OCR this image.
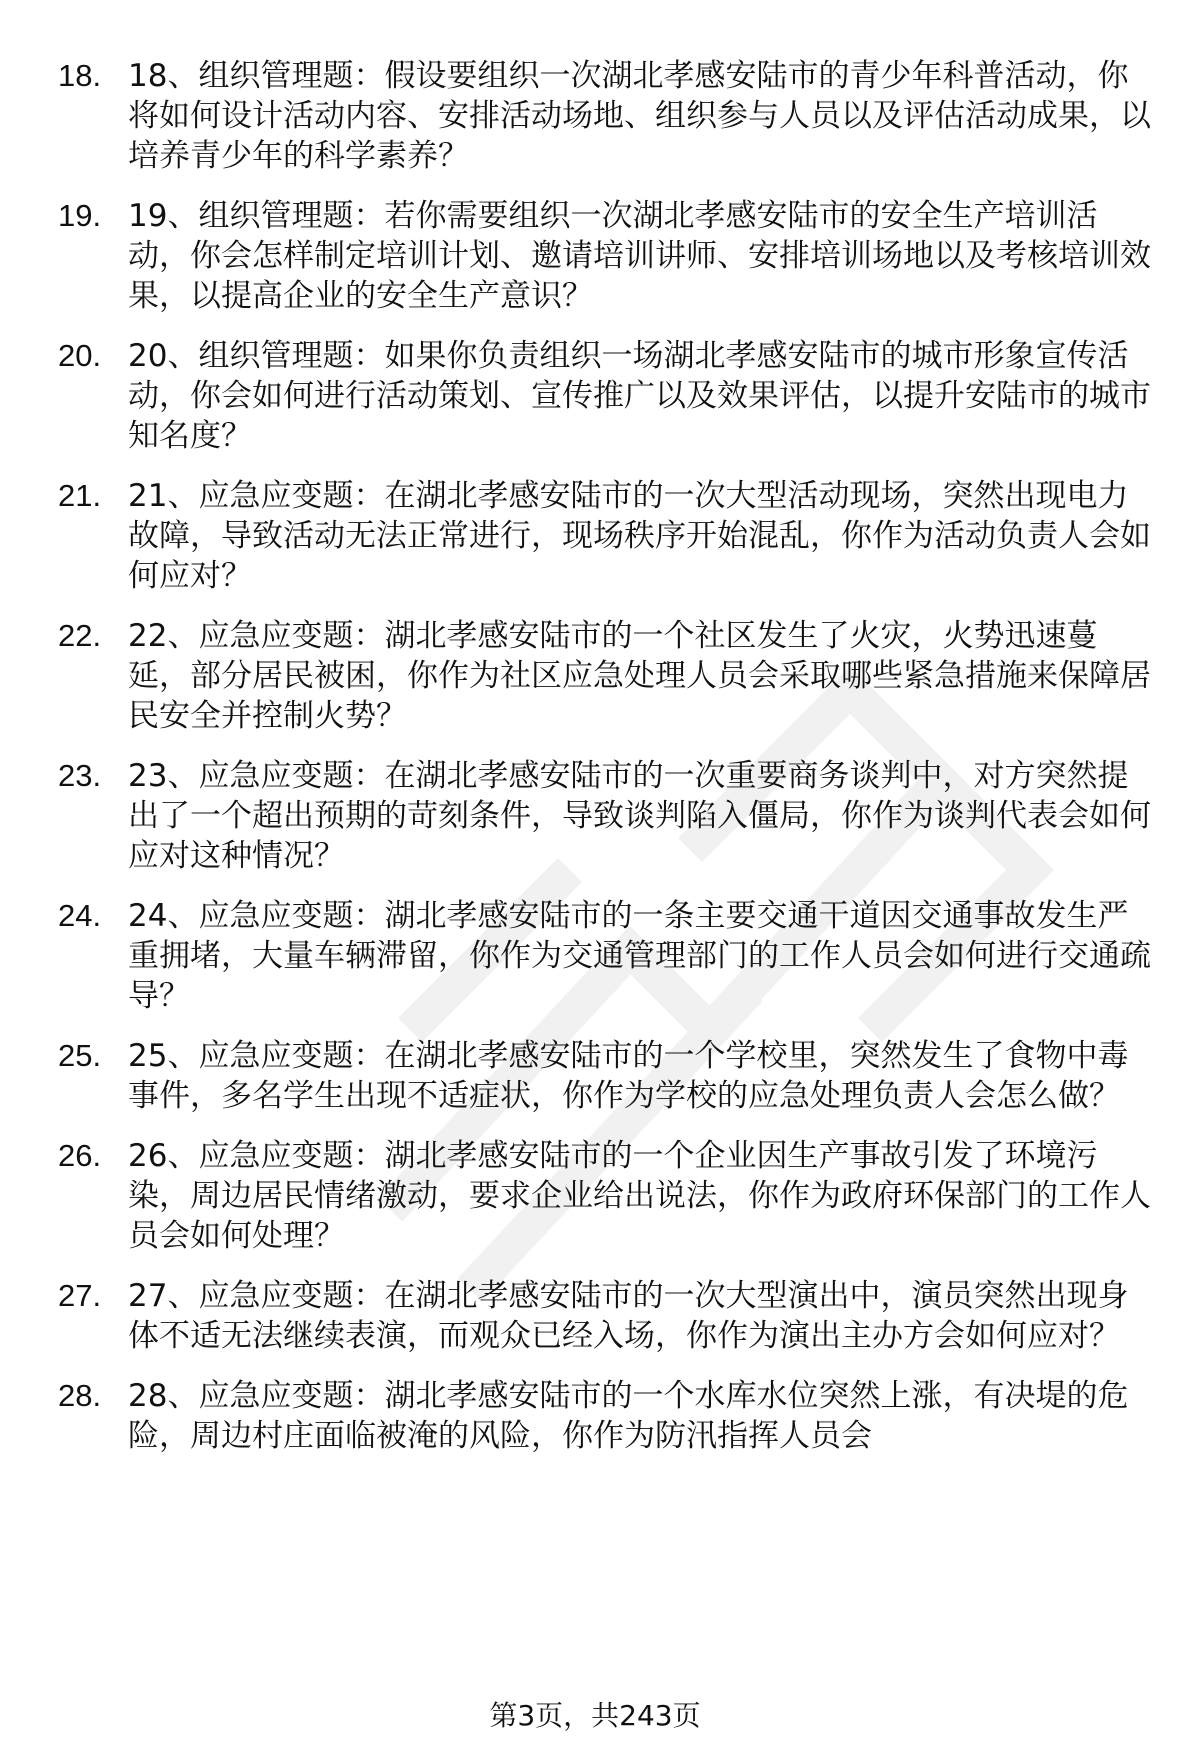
18. 18、组织管理题：假设要组织一次湖北孝感安陆市的青少年科普活动，你将如何设计活动内容、安排活动场地、组织参与人员以及评估活动成果，以培养青少年的科学素养？
19. 19、组织管理题：若你需要组织一次湖北孝感安陆市的安全生产培训活动，你会怎样制定培训计划、邀请培训讲师、安排培训场地以及考核培训效果，以提高企业的安全生产意识？
20. 20、组织管理题：如果你负责组织一场湖北孝感安陆市的城市形象宣传活动，你会如何进行活动策划、宣传推广以及效果评估，以提升安陆市的城市知名度？
21. 21、应急应变题：在湖北孝感安陆市的一次大型活动现场，突然出现电力故障，导致活动无法正常进行，现场秩序开始混乱，你作为活动负责人会如何应对？
22. 22、应急应变题：湖北孝感安陆市的一个社区发生了火灾，火势迅速蔓延，部分居民被困，你作为社区应急处理人员会采取哪些紧急措施来保障居民安全并控制火势？
23. 23、应急应变题：在湖北孝感安陆市的一次重要商务谈判中，对方突然提出了一个超出预期的苛刻条件，导致谈判陷入僵局，你作为谈判代表会如何应对这种情况？
24. 24、应急应变题：湖北孝感安陆市的一条主要交通干道因交通事故发生严重拥堵，大量车辆滞留，你作为交通管理部门的工作人员会如何进行交通疏导？
25. 25、应急应变题：在湖北孝感安陆市的一个学校里，突然发生了食物中毒事件，多名学生出现不适症状，你作为学校的应急处理负责人会怎么做？
26. 26、应急应变题：湖北孝感安陆市的一个企业因生产事故引发了环境污染，周边居民情绪激动，要求企业给出说法，你作为政府环保部门的工作人员会如何处理？
27. 27、应急应变题：在湖北孝感安陆市的一次大型演出中，演员突然出现身体不适无法继续表演，而观众已经入场，你作为演出主办方会如何应对？
28. 28、应急应变题：湖北孝感安陆市的一个水库水位突然上涨，有决堤的危险，周边村庄面临被淹的风险，你作为防汛指挥人员会
第3页，共243页
